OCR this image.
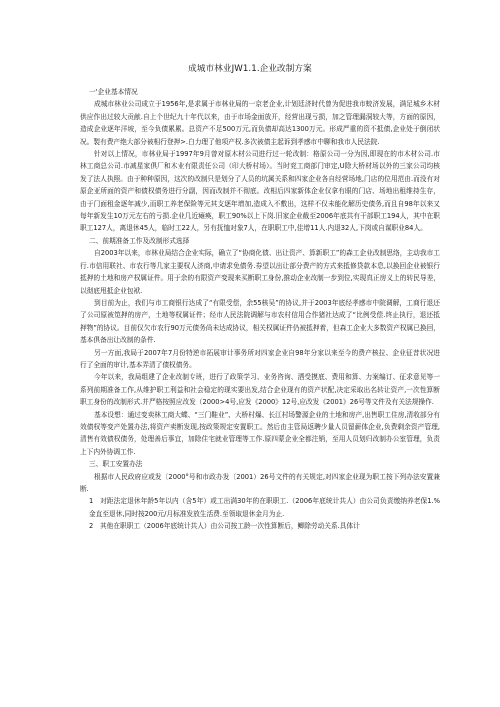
成城市林业JW1.1.企业改制方案

一'企业基本情况

成城市林业公司成立于1956年,是求属于市林业局的一京老企业,计划廷济时代曾为促进我市蛟济发展，满足城乡木材供应作出过较大贡献.自上个世纪九十年代以来，由于市场金面放开，经营出现亏损，加之管理漏洞较大等，方面的原因，造成企业逐年洋坡，至今负债累累。总资产不足500万元,而负债却高达1300万元。形成严重的资不抵债,企业处于倒闭状况。製有费产绝大部分被相行登押>.白力理了他项产权.多次被债主起诉到孝感市中聊和我市人民法院.

针对以上情况，市林业局于1997年9月曾对原木材公司进行过一轮改制：格原公司一分为因,即现在的市木材公司.市林工商总公司.市减星家俱厂和木业有限责任公司（印大桥村场）。当时兖工商部门审定,U除大桥材场以外的三家公司均核发了法人执照。由于种种原因，这次的改制只是划分了人员的坑属关系和四家企业各自经营场地,门店的位用范由.而没有对原企亚所面的资产和债权债务进行分副，因而改制并不彻底。改相后四家新体企业仅拿有眼的门店、场地出租维持生存，由于门面租金逐年减少,而职工养老保险等元其支逐年增加,造成入不敷出，这样不仅未能化解历史债务,而且自98年以来又每年新发生10万元左右的亏损.企业几近瘫痪，职工90%以上下岗.旧家企业截至2006年底共有干部职工194人，其中在职职工127人，离退休45人，临时工22人，另有抚恤对象7人，在职职工中,佳增11人.内退32人,下岗或自谋职业84人。

二、前期准备工作及改制形式选择

自2003年以来，市林业局结合企业实际，确立了“协商化债、出让资产、算新职工”的森工企业改制思络，主动我市工行.市信用联社、市农行等几家主要权人济商,申请求免债务.券望以出让部分费产的方式来抵修贷款本息,以换回企业被银行抵押的土地和房产权属证件。用于余的有限资产变现来买断职工身份,推动企业改制一步到位,实现真正房义上的转民导差，以彻底甩抵企业包袱.

到目前为止，我们与市工商银行达成了“有限受偿，余55核吴”的协议,并于2003年底经孝感市中院调解，工商行退还了公司原被笕押的房产，土地等权属证件；经市人民法院调解与市农村信用合作猪社达成了“比例受偿.终止执行，退还抵押物”的协议。目前仅欠市农行90万元债务尚未达成协议，相关权属证件仍被抵押着，但森工企业大多数资产权属已换回，基本俱备出让改制的条件.

另一方面,我局于2007年7月份特逆市拓展审计事务所对四家企业自98年分家以来至今的费产核拉、企业征昔状况进行了全面的审计,基本弄清了债权债务。

今年以来，我局组建了企业改制专班，进行了政策学习、业务咨询、洒受摸底、费用和算、力案编订、征求意见等一系列前期准备工作,从维护职工利益和社会稳定的现实要出发,结合企业现有的资产状配,决定采取出名转让资产,一次性算断职工身份的改制形式.并严格按照应改发（2000>4号,应发《2000》12号,应改发《2001》26号等文件及有关法规操作.

基本设想：通过变卖林工商大蝶、“三门鞋业”、大桥村爆、长江村场警源企业的土地和房产,出售职工住房,清收部分有效债权等变产处置办法,将资产卖断发现,按政策规定安置职工。然后由主管局返聘少量人员留薪体企业,负费剩余资产管理,清售有效债权债务，处理善后事宜，加除住宅就业管理等工作.原四蒙企业全都注销，至用人员划归改制办公室管理，负责上下内外协调工作.

三、职工安置办法

根据市人民政府应或发〔2000°号和市政办发〔2001）26号文件的有关规定,对四家企业现为职工按下列办法安置兼断.

1　对距法定退休年龄5年以内（含5年）或工出满30年的在职职工.（2006年底统计共人）由公司负责缴纳养老保1.%金直至退休,同时按200元/月标准发放生活费.至领取退休金月为止.

2　其他在职职工（2006年底统计共人）由公司按工龄一次性算断后，鲫除劳动关系.具体计
